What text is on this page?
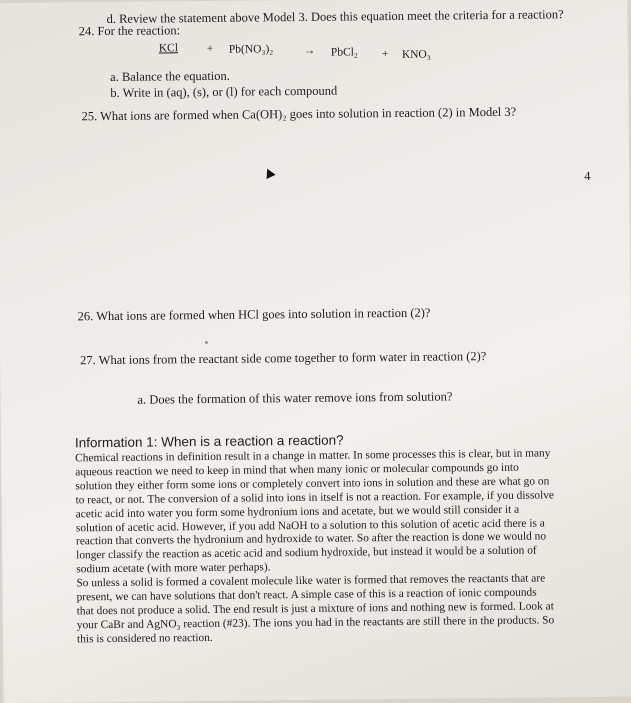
d. Review the statement above Model 3. Does this equation meet the criteria for a reaction?
24. For the reaction:
KCl + Pb(NO₃)₂	→ PbCl₂ + KNO₃
a. Balance the equation.
b. Write in (aq), (s), or (l) for each compound
25. What ions are formed when Ca(OH)₂ goes into solution in reaction (2) in Model 3?
4
26. What ions are formed when HCl goes into solution in reaction (2)?
27. What ions from the reactant side come together to form water in reaction (2)?
a. Does the formation of this water remove ions from solution?
Information 1: When is a reaction a reaction?

Chemical reactions in definition result in a change in matter. In some processes this is clear, but in many aqueous reaction we need to keep in mind that when many ionic or molecular compounds go into solution they either form some ions or completely convert into ions in solution and these are what go on to react, or not. The conversion of a solid into ions in itself is not a reaction. For example, if you dissolve acetic acid into water you form some hydronium ions and acetate, but we would still consider it a solution of acetic acid. However, if you add NaOH to a solution to this solution of acetic acid there is a reaction that converts the hydronium and hydroxide to water. So after the reaction is done we would no longer classify the reaction as acetic acid and sodium hydroxide, but instead it would be a solution of sodium acetate (with more water perhaps).

So unless a solid is formed a covalent molecule like water is formed that removes the reactants that are present, we can have solutions that don't react. A simple case of this is a reaction of ionic compounds that does not produce a solid. The end result is just a mixture of ions and nothing new is formed. Look at your CaBr and AgNO₃ reaction (#23). The ions you had in the reactants are still there in the products. So this is considered no reaction.
